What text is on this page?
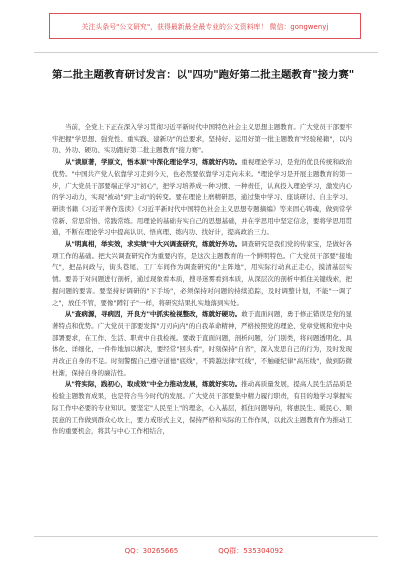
关注头条号"公文研究"，获得最新最全最专业的公文资料库！ 微信：gongwenyj
第二批主题教育研讨发言：以"四功"跑好第二批主题教育"接力赛"

当前，全党上下正在深入学习贯彻习近平新时代中国特色社会主义思想主题教育。广大党员干部要牢牢把握"学思想、强党性、重实践、建新功"的总要求，坚持好、运用好第一批主题教育"经验秘籍"，以内功、外功、硬功、实功跑好第二批主题教育"接力赛"。

从"读原著，学原文，悟本原"中深化理论学习，练就好内功。重视理论学习，是党的优良传统和政治优势。"中国共产党人依靠学习走到今天，也必然要依靠学习走向未来。"理论学习是开展主题教育的第一步，广大党员干部要端正学习"初心"，把学习培养成一种习惯、一种责任，认真投入理论学习，激发内心的学习动力，实现"被动"到"主动"的转变。要在理论上磨精研思，通过集中学习、座谈研讨、自主学习、研读书籍《习近平著作选读》《习近平新时代中国特色社会主义思想专题摘编》等来固心铸魂，做到常学常新、常思常悟、常践常练。用理论的基础夯实自己的思想基础，并在学思用中坚定信念，要将学思用贯通，不断在理论学习中提高认识、悟真理、练内功、找好计，提高政治三力。

从"明真相，举实效，求实绩"中大兴调查研究，练就好外功。调查研究是我们党的传家宝，是做好各项工作的基础。把大兴调查研究作为重要内容，是这次主题教育的一个鲜明特色。广大党员干部要"接地气"，把品问政与，街头巷尾、工厂车间作为调查研究的"主阵地"，用实际行动真正走心，摸清基层实情。要善于对问题进行剖析，通过现象看本质，搜寻迷雾看到本质，从深层次的剖析中抓住关键线索，把握问题的要害。要坚持好调研的"下手场"，必须保持对问题的持续追踪，及时调整计划，不能"一调了之"，放任不管，要像"蹲钉子"一样，将研究结果扎实地落到实处。

从"查病源，寻病因，开良方"中抓实检视整改，练就好硬功。敢于直面问题，勇于修正错误是党的显著特点和优势。广大党员干部要发挥"刀刃向内"的自我革命精神，严格按照党的理论、党章党规和党中央部署要求，在工作、生活、职责中自我检视。要敢于直面问题，剖析问题，分门别类，将问题透明化、具体化、详细化，一件件地加以解决，要经常"回头看"，时刻保持"自省"，深入发思自己的行为，及时发现并改正自身的不足。时刻警醒自己遵守道德"底线"，不跨越法律"红线"，不触碰纪律"高压线"，做到防微杜渐，保持自身的廉洁性。

从"符实际，践初心，取成效"中全力推动发展，练就好实功。推动高质量发展，提高人民生活品质是检验主题教育成果，也是符合当今时代的发展。广大党员干部要集中精力履行职责，有目的地学习掌握实际工作中必要的专业知识。要坚定"人民至上"的理念，心入基层，抓住问题导向，将惠民生、暖民心、顺民意的工作做到群众心坎上，要力戒形式主义，保持严格和实际的工作作风，以此次主题教育作为推动工作的重要机会，将其与中心工作相结合，

QQ：30265665	QQ群：535304092
